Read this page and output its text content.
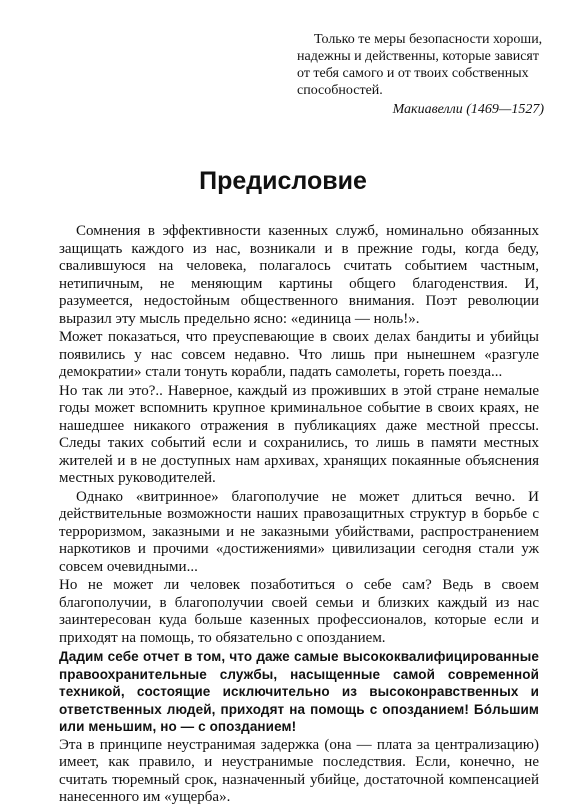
Только те меры безопасности хороши, надежны и действенны, которые зависят от тебя самого и от твоих собственных способностей.

Макиавелли (1469—1527)

Предисловие

Сомнения в эффективности казенных служб, номинально обязанных защищать каждого из нас, возникали и в прежние годы, когда беду, свалившуюся на человека, полагалось считать событием частным, нетипичным, не меняющим картины общего благоденствия. И, разумеется, недостойным общественного внимания. Поэт революции выразил эту мысль предельно ясно: «единица — ноль!».

Может показаться, что преуспевающие в своих делах бандиты и убийцы появились у нас совсем недавно. Что лишь при нынешнем «разгуле демократии» стали тонуть корабли, падать самолеты, гореть поезда...

Но так ли это?.. Наверное, каждый из проживших в этой стране немалые годы может вспомнить крупное криминальное событие в своих краях, не нашедшее никакого отражения в публикациях даже местной прессы. Следы таких событий если и сохранились, то лишь в памяти местных жителей и в не доступных нам архивах, хранящих покаянные объяснения местных руководителей.

Однако «витринное» благополучие не может длиться вечно. И действительные возможности наших правозащитных структур в борьбе с терроризмом, заказными и не заказными убийствами, распространением наркотиков и прочими «достижениями» цивилизации сегодня стали уж совсем очевидными...

Но не может ли человек позаботиться о себе сам? Ведь в своем благополучии, в благополучии своей семьи и близких каждый из нас заинтересован куда больше казенных профессионалов, которые если и приходят на помощь, то обязательно с опозданием.

Дадим себе отчет в том, что даже самые высококвалифицированные правоохранительные службы, насыщенные самой современной техникой, состоящие исключительно из высоконравственных и ответственных людей, приходят на помощь с опозданием! Бóльшим или меньшим, но — с опозданием!

Эта в принципе неустранимая задержка (она — плата за централизацию) имеет, как правило, и неустранимые последствия. Если, конечно, не считать тюремный срок, назначенный убийце, достаточной компенсацией нанесенного им «ущерба».
